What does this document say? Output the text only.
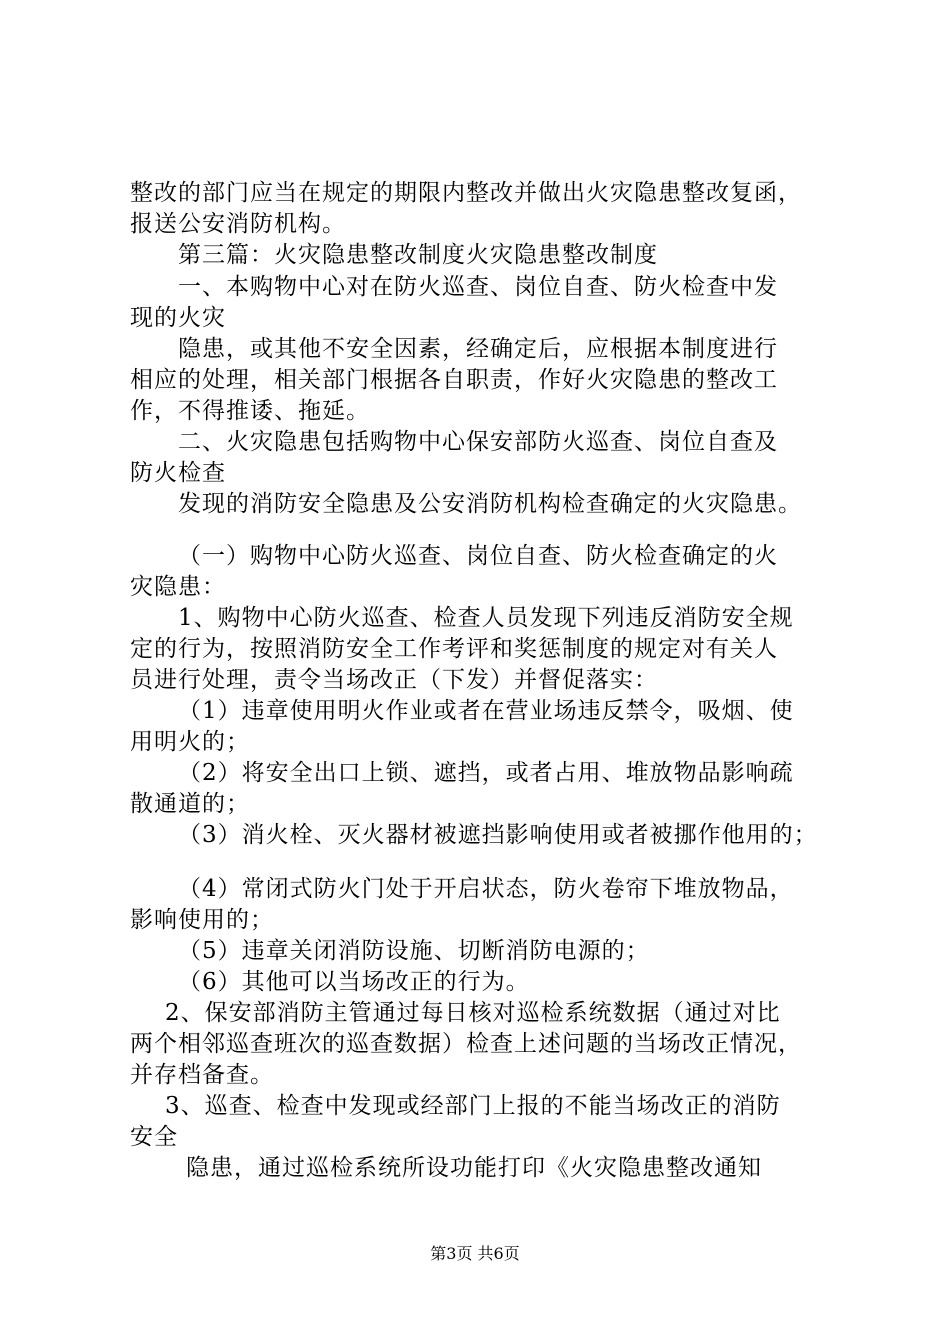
整改的部门应当在规定的期限内整改并做出火灾隐患整改复函，
报送公安消防机构。
第三篇：火灾隐患整改制度火灾隐患整改制度
一、本购物中心对在防火巡查、岗位自查、防火检查中发
现的火灾
隐患，或其他不安全因素，经确定后，应根据本制度进行
相应的处理，相关部门根据各自职责，作好火灾隐患的整改工
作，不得推诿、拖延。
二、火灾隐患包括购物中心保安部防火巡查、岗位自查及
防火检查
发现的消防安全隐患及公安消防机构检查确定的火灾隐患。
（一）购物中心防火巡查、岗位自查、防火检查确定的火
灾隐患：
1、购物中心防火巡查、检查人员发现下列违反消防安全规
定的行为，按照消防安全工作考评和奖惩制度的规定对有关人
员进行处理，责令当场改正（下发）并督促落实：
（1）违章使用明火作业或者在营业场违反禁令，吸烟、使
用明火的；
（2）将安全出口上锁、遮挡，或者占用、堆放物品影响疏
散通道的；
（3）消火栓、灭火器材被遮挡影响使用或者被挪作他用的；
（4）常闭式防火门处于开启状态，防火卷帘下堆放物品，
影响使用的；
（5）违章关闭消防设施、切断消防电源的；
（6）其他可以当场改正的行为。
2、保安部消防主管通过每日核对巡检系统数据（通过对比
两个相邻巡查班次的巡查数据）检查上述问题的当场改正情况，
并存档备查。
3、巡查、检查中发现或经部门上报的不能当场改正的消防
安全
隐患，通过巡检系统所设功能打印《火灾隐患整改通知
第3页 共6页
